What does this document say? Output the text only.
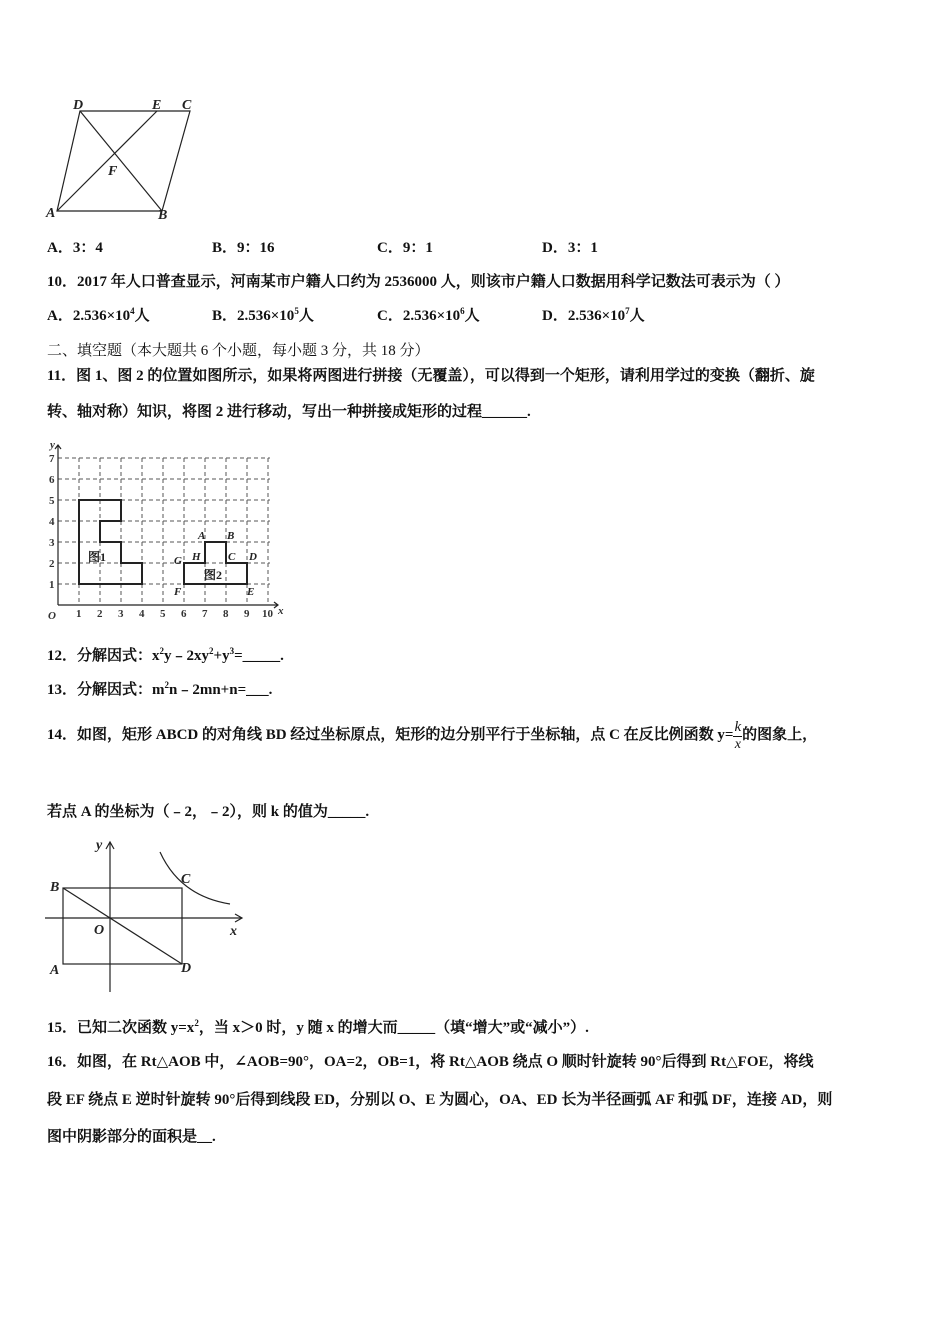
D	E C
F
A	B
A．3：4	B．9：16	C．9：1	D．3：1
10．2017 年人口普查显示，河南某市户籍人口约为 2536000 人，则该市户籍人口数据用科学记数法可表示为（ ）
A．$2.536\times 10^4$人	B．$2.536\times 10^5$人	C．$2.536\times 10^6$人	D．$2.536\times 10^7$人
二、填空题（本大题共 6 个小题，每小题 3 分，共 18 分）
11．图 1、图 2 的位置如图所示，如果将两图进行拼接（无覆盖），可以得到一个矩形，请利用学过的变换（翻折、旋
转、轴对称）知识，将图 2 进行移动，写出一种拼接成矩形的过程______.
y
x
O
1
2
3
4
5
6
7
1 2 3 4 5 6 7 8 9 10
图1
图2
A B
C D
E
F
G H
12．分解因式：$x^2y﹣2xy^2+y^3=\_\_\_\_\_$.
13．分解因式：$m^2n﹣2mn+n=\_\_\_$.
14．如图，矩形 ABCD 的对角线 BD 经过坐标原点，矩形的边分别平行于坐标轴，点 C 在反比例函数 $y= \frac{k}{x}$ 的图象上，
若点 A 的坐标为（﹣2，﹣2），则 k 的值为_____.
y
x
O
A
B
C
D
15．已知二次函数 $y=x^2$，当 x＞0 时，y 随 x 的增大而_____（填“增大”或“减小”）.
16．如图，在 Rt△AOB 中，∠AOB=90°，OA=2，OB=1，将 Rt△AOB 绕点 O 顺时针旋转 90°后得到 Rt△FOE，将线
段 EF 绕点 E 逆时针旋转 90°后得到线段 ED，分别以 O、E 为圆心，OA、ED 长为半径画弧 AF 和弧 DF，连接 AD，则
图中阴影部分的面积是__.
